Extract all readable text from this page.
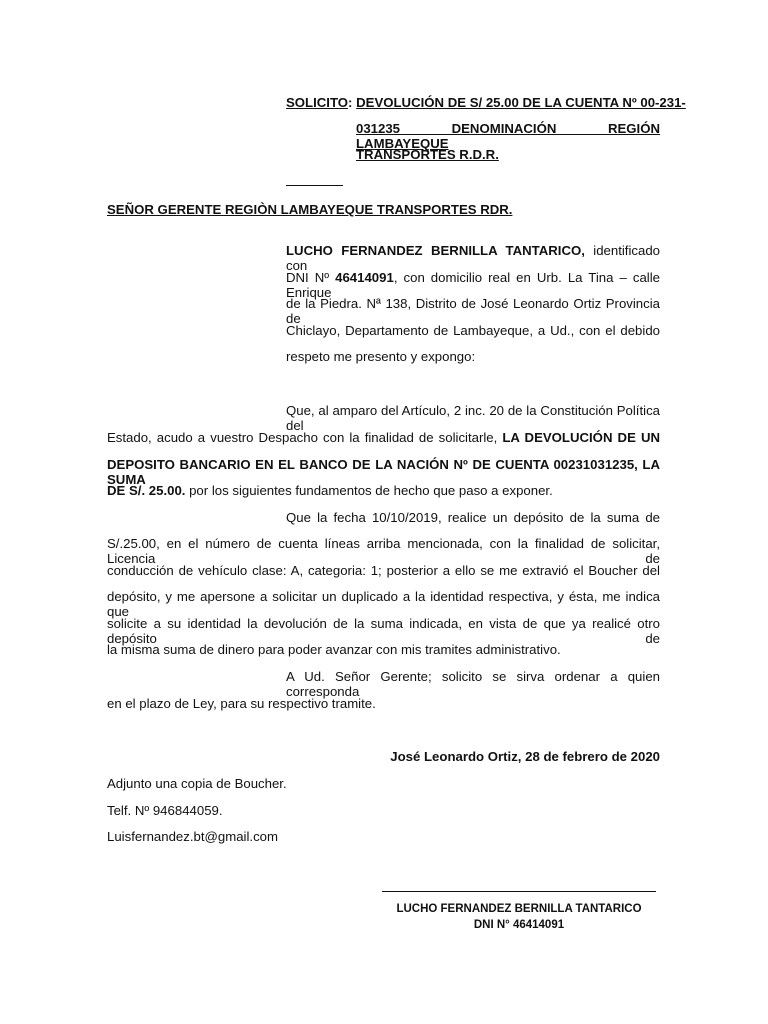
SOLICITO: DEVOLUCIÓN DE S/ 25.00 DE LA CUENTA Nº 00-231-
031235 DENOMINACIÓN REGIÓN LAMBAYEQUE
TRANSPORTES R.D.R.
SEÑOR GERENTE REGIÒN LAMBAYEQUE TRANSPORTES RDR.
LUCHO FERNANDEZ BERNILLA TANTARICO, identificado con
DNI Nº 46414091, con domicilio real en Urb. La Tina – calle Enrique
de la Piedra. Nª 138, Distrito de José Leonardo Ortiz Provincia de
Chiclayo, Departamento de Lambayeque, a Ud., con el debido
respeto me presento y expongo:
Que, al amparo del Artículo, 2 inc. 20 de la Constitución Política del
Estado, acudo a vuestro Despacho con la finalidad de solicitarle, LA DEVOLUCIÓN DE UN
DEPOSITO BANCARIO EN EL BANCO DE LA NACIÓN Nº DE CUENTA 00231031235, LA SUMA
DE S/. 25.00. por los siguientes fundamentos de hecho que paso a exponer.
Que la fecha 10/10/2019, realice un depósito de la suma de
S/.25.00, en el número de cuenta líneas arriba mencionada, con la finalidad de solicitar, Licencia de
conducción de vehículo clase: A, categoria: 1; posterior a ello se me extravió el Boucher del
depósito, y me apersone a solicitar un duplicado a la identidad respectiva, y ésta, me indica que
solicite a su identidad la devolución de la suma indicada, en vista de que ya realicé otro depósito de
la misma suma de dinero para poder avanzar con mis tramites administrativo.
A Ud. Señor Gerente; solicito se sirva ordenar a quien corresponda
en el plazo de Ley, para su respectivo tramite.
José Leonardo Ortiz, 28 de febrero de 2020
Adjunto una copia de Boucher.
Telf. Nº 946844059.
Luisfernandez.bt@gmail.com
LUCHO FERNANDEZ BERNILLA TANTARICO
DNI N° 46414091
